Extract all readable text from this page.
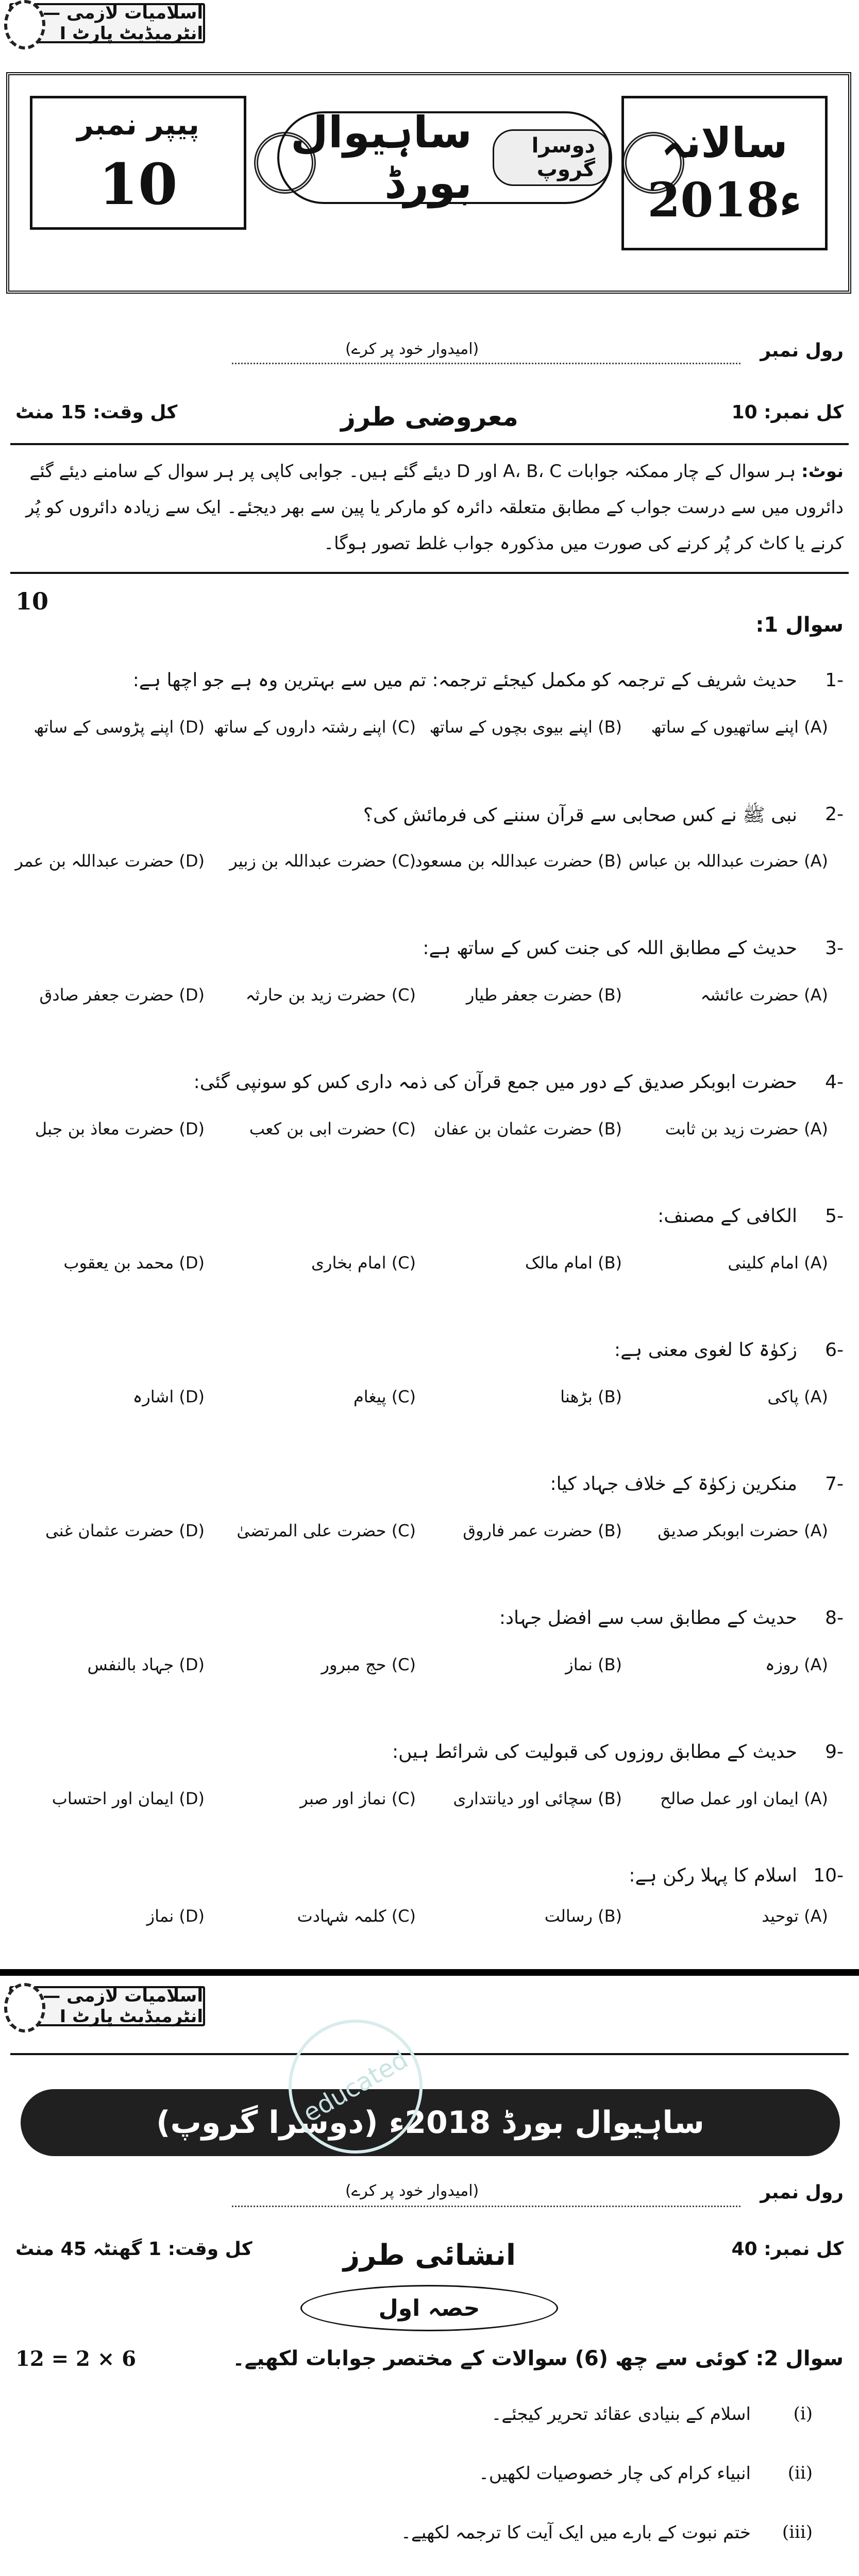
اسلامیات لازمی — انٹرمیڈیٹ پارٹ I
پیپر نمبر
10
ساہیوال بورڈ
دوسرا گروپ
سالانہ
2018ء
رول نمبر
(امیدوار خود پر کرے)
کل نمبر: 10
معروضی طرز
کل وقت: 15 منٹ
نوٹ: ہر سوال کے چار ممکنہ جوابات A، B، C اور D دیئے گئے ہیں۔ جوابی کاپی پر ہر سوال کے سامنے دیئے گئے دائروں میں سے درست جواب کے مطابق متعلقہ دائرہ کو مارکر یا پین سے بھر دیجئے۔ ایک سے زیادہ دائروں کو پُر کرنے یا کاٹ کر پُر کرنے کی صورت میں مذکورہ جواب غلط تصور ہوگا۔
10
سوال 1:
-1
حدیث شریف کے ترجمہ کو مکمل کیجئے ترجمہ: تم میں سے بہترین وہ ہے جو اچھا ہے:
(A) اپنے ساتھیوں کے ساتھ
(B) اپنے بیوی بچوں کے ساتھ
(C) اپنے رشتہ داروں کے ساتھ
(D) اپنے پڑوسی کے ساتھ
-2
نبی ﷺ نے کس صحابی سے قرآن سننے کی فرمائش کی؟
(A) حضرت عبداللہ بن عباس
(B) حضرت عبداللہ بن مسعود
(C) حضرت عبداللہ بن زبیر
(D) حضرت عبداللہ بن عمر
-3
حدیث کے مطابق اللہ کی جنت کس کے ساتھ ہے:
(A) حضرت عائشہ
(B) حضرت جعفر طیار
(C) حضرت زید بن حارثہ
(D) حضرت جعفر صادق
-4
حضرت ابوبکر صدیق کے دور میں جمع قرآن کی ذمہ داری کس کو سونپی گئی:
(A) حضرت زید بن ثابت
(B) حضرت عثمان بن عفان
(C) حضرت ابی بن کعب
(D) حضرت معاذ بن جبل
-5
الکافی کے مصنف:
(A) امام کلینی
(B) امام مالک
(C) امام بخاری
(D) محمد بن یعقوب
-6
زکوٰۃ کا لغوی معنی ہے:
(A) پاکی
(B) بڑھنا
(C) پیغام
(D) اشارہ
-7
منکرین زکوٰۃ کے خلاف جہاد کیا:
(A) حضرت ابوبکر صدیق
(B) حضرت عمر فاروق
(C) حضرت علی المرتضیٰ
(D) حضرت عثمان غنی
-8
حدیث کے مطابق سب سے افضل جہاد:
(A) روزہ
(B) نماز
(C) حج مبرور
(D) جہاد بالنفس
-9
حدیث کے مطابق روزوں کی قبولیت کی شرائط ہیں:
(A) ایمان اور عمل صالح
(B) سچائی اور دیانتداری
(C) نماز اور صبر
(D) ایمان اور احتساب
-10
اسلام کا پہلا رکن ہے:
(A) توحید
(B) رسالت
(C) کلمہ شہادت
(D) نماز
اسلامیات لازمی — انٹرمیڈیٹ پارٹ I
ساہیوال بورڈ 2018ء (دوسرا گروپ)
رول نمبر
(امیدوار خود پر کرے)
کل نمبر: 40
انشائی طرز
کل وقت: 1 گھنٹہ 45 منٹ
حصہ اول
سوال 2: کوئی سے چھ (6) سوالات کے مختصر جوابات لکھیے۔
6 × 2 = 12
(i)
اسلام کے بنیادی عقائد تحریر کیجئے۔
(ii)
انبیاء کرام کی چار خصوصیات لکھیں۔
(iii)
ختم نبوت کے بارے میں ایک آیت کا ترجمہ لکھیے۔
educated
